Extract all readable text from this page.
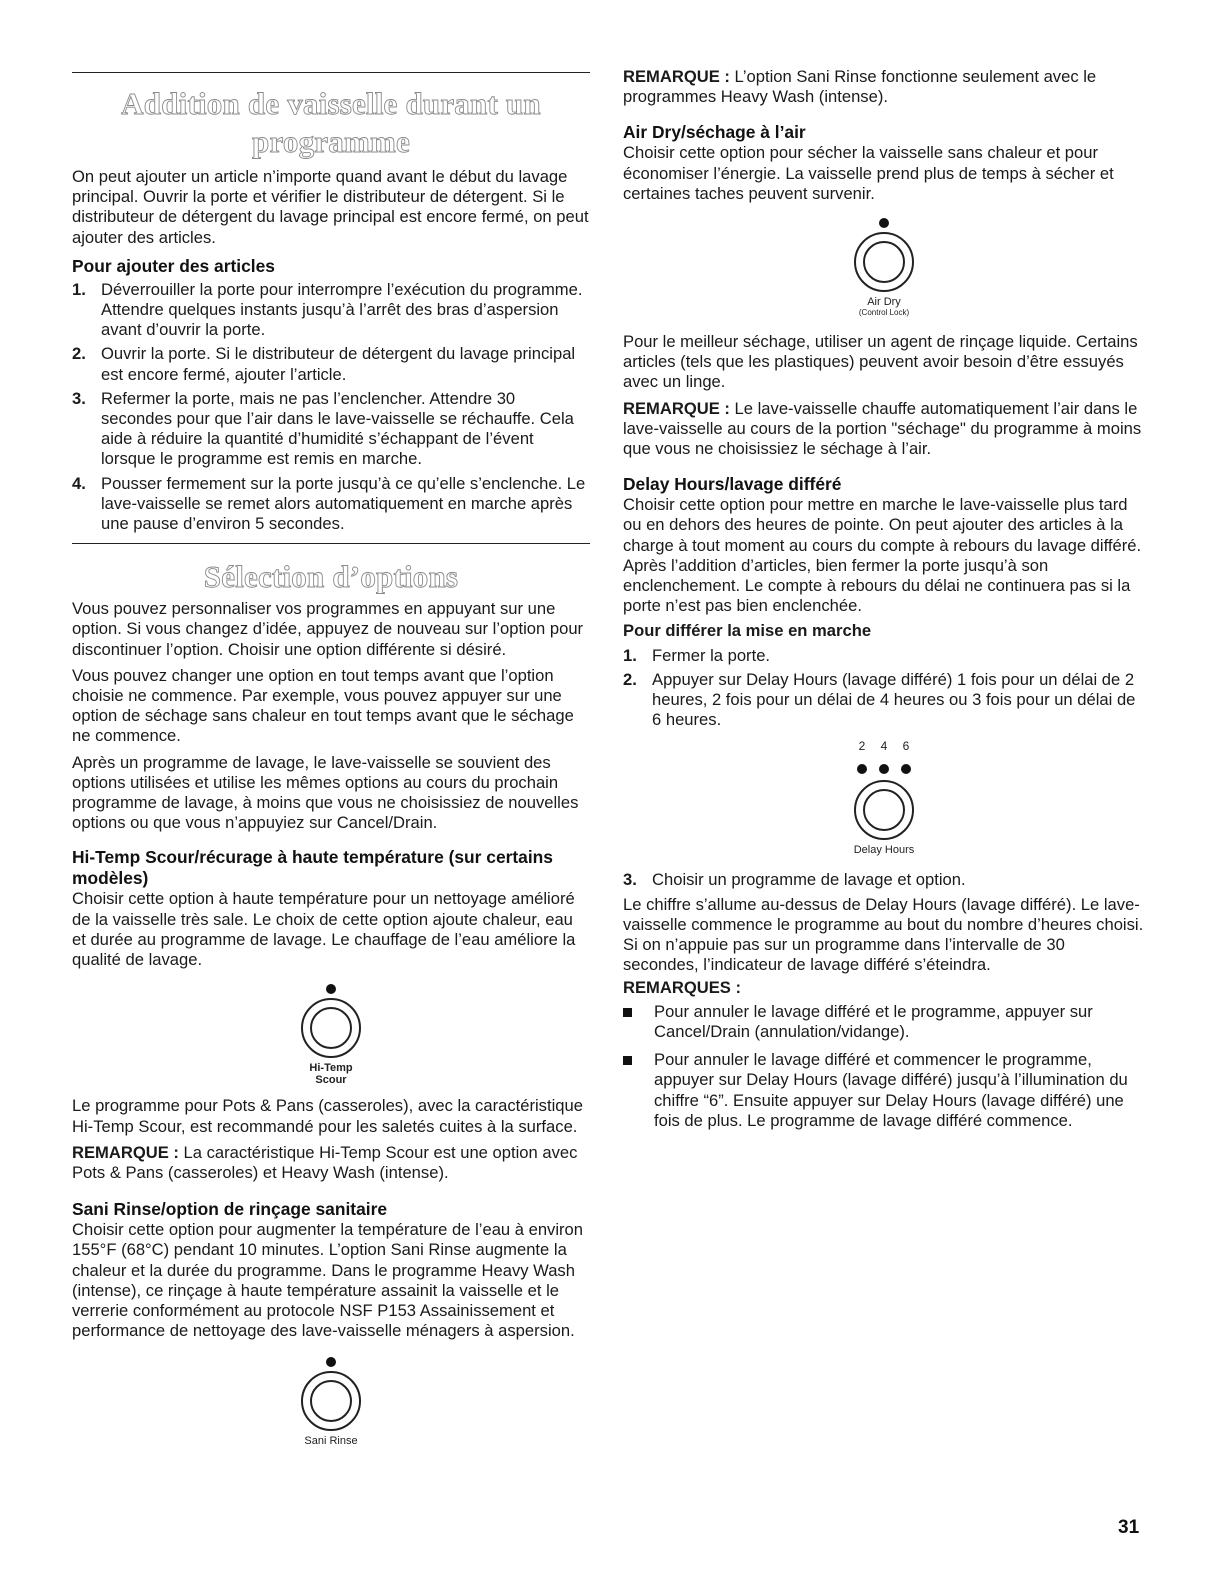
Addition de vaisselle durant un programme

On peut ajouter un article n’importe quand avant le début du lavage principal. Ouvrir la porte et vérifier le distributeur de détergent. Si le distributeur de détergent du lavage principal est encore fermé, on peut ajouter des articles.

Pour ajouter des articles
1. Déverrouiller la porte pour interrompre l’exécution du programme. Attendre quelques instants jusqu’à l’arrêt des bras d’aspersion avant d’ouvrir la porte.
2. Ouvrir la porte. Si le distributeur de détergent du lavage principal est encore fermé, ajouter l’article.
3. Refermer la porte, mais ne pas l’enclencher. Attendre 30 secondes pour que l’air dans le lave-vaisselle se réchauffe. Cela aide à réduire la quantité d’humidité s’échappant de l’évent lorsque le programme est remis en marche.
4. Pousser fermement sur la porte jusqu’à ce qu’elle s’enclenche. Le lave-vaisselle se remet alors automatiquement en marche après une pause d’environ 5 secondes.
Sélection d’options

Vous pouvez personnaliser vos programmes en appuyant sur une option. Si vous changez d’idée, appuyez de nouveau sur l’option pour discontinuer l’option. Choisir une option différente si désiré.

Vous pouvez changer une option en tout temps avant que l’option choisie ne commence. Par exemple, vous pouvez appuyer sur une option de séchage sans chaleur en tout temps avant que le séchage ne commence.

Après un programme de lavage, le lave-vaisselle se souvient des options utilisées et utilise les mêmes options au cours du prochain programme de lavage, à moins que vous ne choisissiez de nouvelles options ou que vous n’appuyiez sur Cancel/Drain.

Hi-Temp Scour/récurage à haute température (sur certains modèles)

Choisir cette option à haute température pour un nettoyage amélioré de la vaisselle très sale. Le choix de cette option ajoute chaleur, eau et durée au programme de lavage. Le chauffage de l’eau améliore la qualité de lavage.

Hi-Temp
Scour

Le programme pour Pots & Pans (casseroles), avec la caractéristique Hi-Temp Scour, est recommandé pour les saletés cuites à la surface.

REMARQUE : La caractéristique Hi-Temp Scour est une option avec Pots & Pans (casseroles) et Heavy Wash (intense).

Sani Rinse/option de rinçage sanitaire

Choisir cette option pour augmenter la température de l’eau à environ 155°F (68°C) pendant 10 minutes. L’option Sani Rinse augmente la chaleur et la durée du programme. Dans le programme Heavy Wash (intense), ce rinçage à haute température assainit la vaisselle et le verrerie conformément au protocole NSF P153 Assainissement et performance de nettoyage des lave-vaisselle ménagers à aspersion.

Sani Rinse

REMARQUE : L’option Sani Rinse fonctionne seulement avec le programmes Heavy Wash (intense).

Air Dry/séchage à l’air

Choisir cette option pour sécher la vaisselle sans chaleur et pour économiser l’énergie. La vaisselle prend plus de temps à sécher et certaines taches peuvent survenir.

Air Dry
(Control Lock)

Pour le meilleur séchage, utiliser un agent de rinçage liquide. Certains articles (tels que les plastiques) peuvent avoir besoin d’être essuyés avec un linge.

REMARQUE : Le lave-vaisselle chauffe automatiquement l’air dans le lave-vaisselle au cours de la portion "séchage" du programme à moins que vous ne choisissiez le séchage à l’air.

Delay Hours/lavage différé

Choisir cette option pour mettre en marche le lave-vaisselle plus tard ou en dehors des heures de pointe. On peut ajouter des articles à la charge à tout moment au cours du compte à rebours du lavage différé. Après l’addition d’articles, bien fermer la porte jusqu’à son enclenchement. Le compte à rebours du délai ne continuera pas si la porte n’est pas bien enclenchée.

Pour différer la mise en marche

1. Fermer la porte.
2. Appuyer sur Delay Hours (lavage différé) 1 fois pour un délai de 2 heures, 2 fois pour un délai de 4 heures ou 3 fois pour un délai de 6 heures.
2 4 6
Delay Hours
3. Choisir un programme de lavage et option.

Le chiffre s’allume au-dessus de Delay Hours (lavage différé). Le lave-vaisselle commence le programme au bout du nombre d’heures choisi. Si on n’appuie pas sur un programme dans l’intervalle de 30 secondes, l’indicateur de lavage différé s’éteindra.

REMARQUES :

Pour annuler le lavage différé et le programme, appuyer sur Cancel/Drain (annulation/vidange).
Pour annuler le lavage différé et commencer le programme, appuyer sur Delay Hours (lavage différé) jusqu’à l’illumination du chiffre “6”. Ensuite appuyer sur Delay Hours (lavage différé) une fois de plus. Le programme de lavage différé commence.
31
